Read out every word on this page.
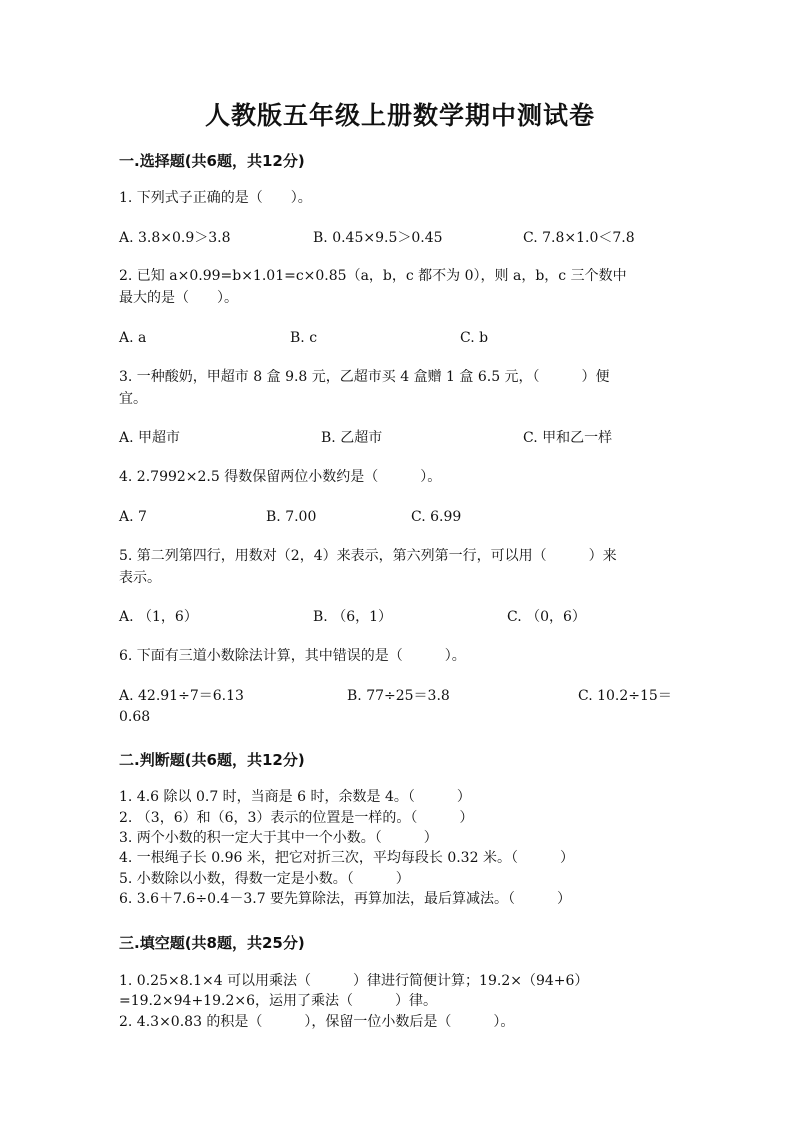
人教版五年级上册数学期中测试卷
一.选择题(共6题，共12分)
1. 下列式子正确的是（　　）。
A. 3.8×0.9＞3.8	B. 0.45×9.5＞0.45	C. 7.8×1.0＜7.8
2. 已知 a×0.99=b×1.01=c×0.85（a，b，c 都不为 0），则 a，b，c 三个数中
最大的是（　　）。
A. a	B. c	C. b
3. 一种酸奶，甲超市 8 盒 9.8 元，乙超市买 4 盒赠 1 盒 6.5 元，（　　　）便
宜。
A. 甲超市	B. 乙超市	C. 甲和乙一样
4. 2.7992×2.5 得数保留两位小数约是（　　　）。
A. 7	B. 7.00	C. 6.99
5. 第二列第四行，用数对（2，4）来表示，第六列第一行，可以用（　　　）来
表示。
A. （1，6）	B. （6，1）	C. （0，6）
6. 下面有三道小数除法计算，其中错误的是（　　　）。
A. 42.91÷7＝6.13	B. 77÷25＝3.8	C. 10.2÷15＝
0.68
二.判断题(共6题，共12分)
1. 4.6 除以 0.7 时，当商是 6 时，余数是 4。（　　　）
2. （3，6）和（6，3）表示的位置是一样的。（　　　）
3. 两个小数的积一定大于其中一个小数。（　　　）
4. 一根绳子长 0.96 米，把它对折三次，平均每段长 0.32 米。（　　　）
5. 小数除以小数，得数一定是小数。（　　　）
6. 3.6＋7.6÷0.4－3.7 要先算除法，再算加法，最后算减法。（　　　）
三.填空题(共8题，共25分)
1. 0.25×8.1×4 可以用乘法（　　　）律进行简便计算；19.2×（94+6）
=19.2×94+19.2×6，运用了乘法（　　　）律。
2. 4.3×0.83 的积是（　　　），保留一位小数后是（　　　）。
